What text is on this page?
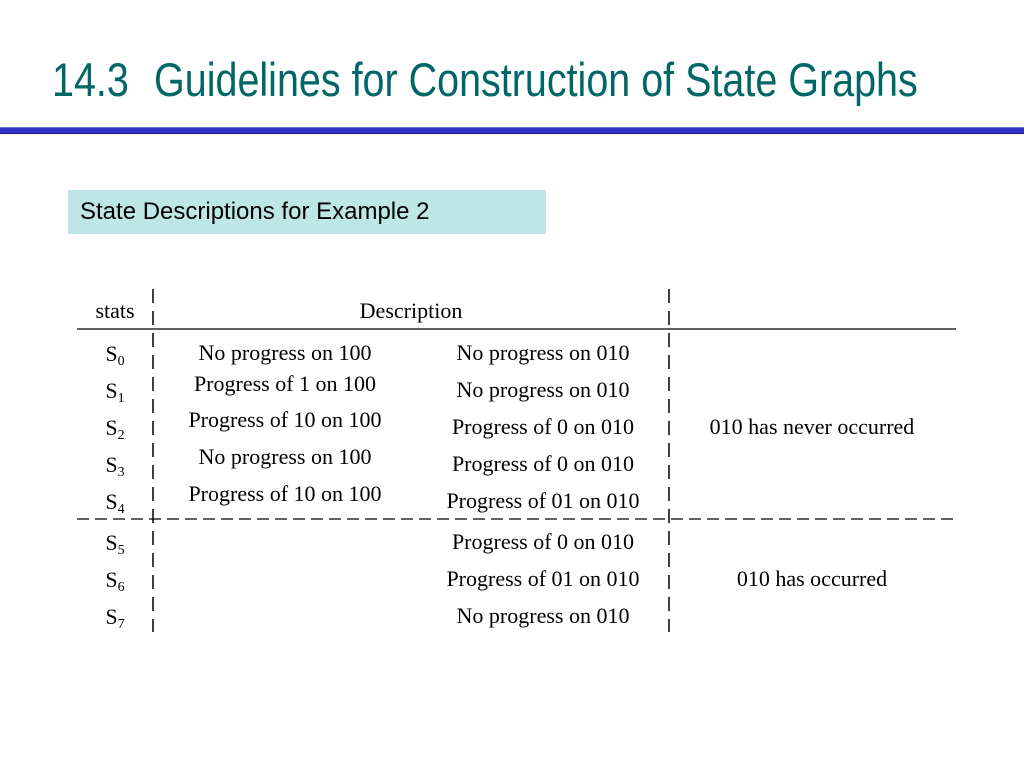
14.3 Guidelines for Construction of State Graphs
State Descriptions for Example 2
stats	Description
$S_0$
$S_1$
$S_2$
$S_3$
$S_4$
$S_5$
$S_6$
$S_7$
No progress on 100
Progress of 1 on 100
Progress of 10 on 100
No progress on 100
Progress of 10 on 100
No progress on 010
No progress on 010
Progress of 0 on 010
Progress of 0 on 010
Progress of 01 on 010
Progress of 0 on 010
Progress of 01 on 010
No progress on 010
010 has never occurred
010 has occurred
